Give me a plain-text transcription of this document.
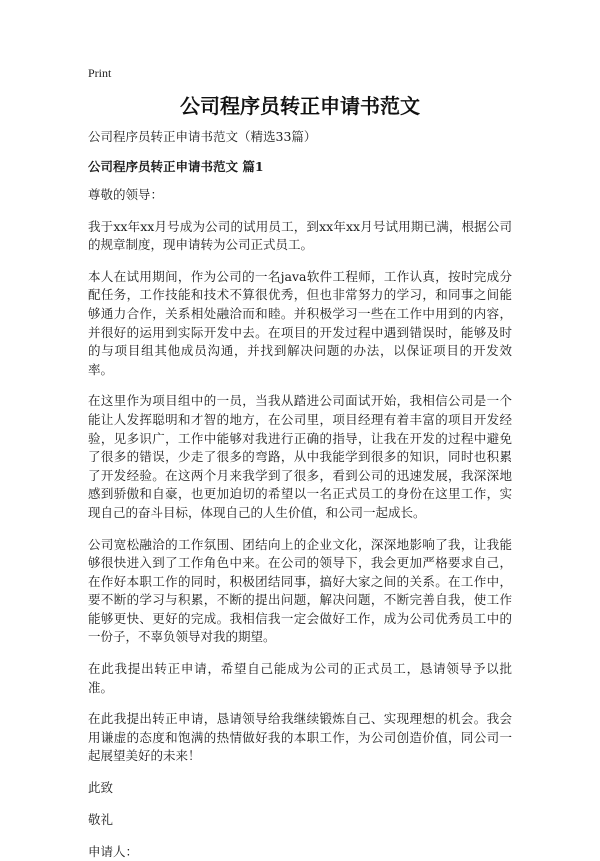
Print
公司程序员转正申请书范文

公司程序员转正申请书范文（精选33篇）

公司程序员转正申请书范文 篇1

尊敬的领导：

我于xx年xx月号成为公司的试用员工，到xx年xx月号试用期已满，根据公司的规章制度，现申请转为公司正式员工。

本人在试用期间，作为公司的一名java软件工程师，工作认真，按时完成分配任务，工作技能和技术不算很优秀，但也非常努力的学习，和同事之间能够通力合作，关系相处融洽而和睦。并积极学习一些在工作中用到的内容，并很好的运用到实际开发中去。在项目的开发过程中遇到错误时，能够及时的与项目组其他成员沟通，并找到解决问题的办法，以保证项目的开发效率。

在这里作为项目组中的一员，当我从踏进公司面试开始，我相信公司是一个能让人发挥聪明和才智的地方，在公司里，项目经理有着丰富的项目开发经验，见多识广，工作中能够对我进行正确的指导，让我在开发的过程中避免了很多的错误，少走了很多的弯路，从中我能学到很多的知识，同时也积累了开发经验。在这两个月来我学到了很多，看到公司的迅速发展，我深深地感到骄傲和自豪，也更加迫切的希望以一名正式员工的身份在这里工作，实现自己的奋斗目标，体现自己的人生价值，和公司一起成长。

公司宽松融洽的工作氛围、团结向上的企业文化，深深地影响了我，让我能够很快进入到了工作角色中来。在公司的领导下，我会更加严格要求自己，在作好本职工作的同时，积极团结同事，搞好大家之间的关系。在工作中，要不断的学习与积累，不断的提出问题，解决问题，不断完善自我，使工作能够更快、更好的完成。我相信我一定会做好工作，成为公司优秀员工中的一份子，不辜负领导对我的期望。

在此我提出转正申请，希望自己能成为公司的正式员工，恳请领导予以批准。

在此我提出转正申请，恳请领导给我继续锻炼自己、实现理想的机会。我会用谦虚的态度和饱满的热情做好我的本职工作，为公司创造价值，同公司一起展望美好的未来！

此致

敬礼

申请人：
